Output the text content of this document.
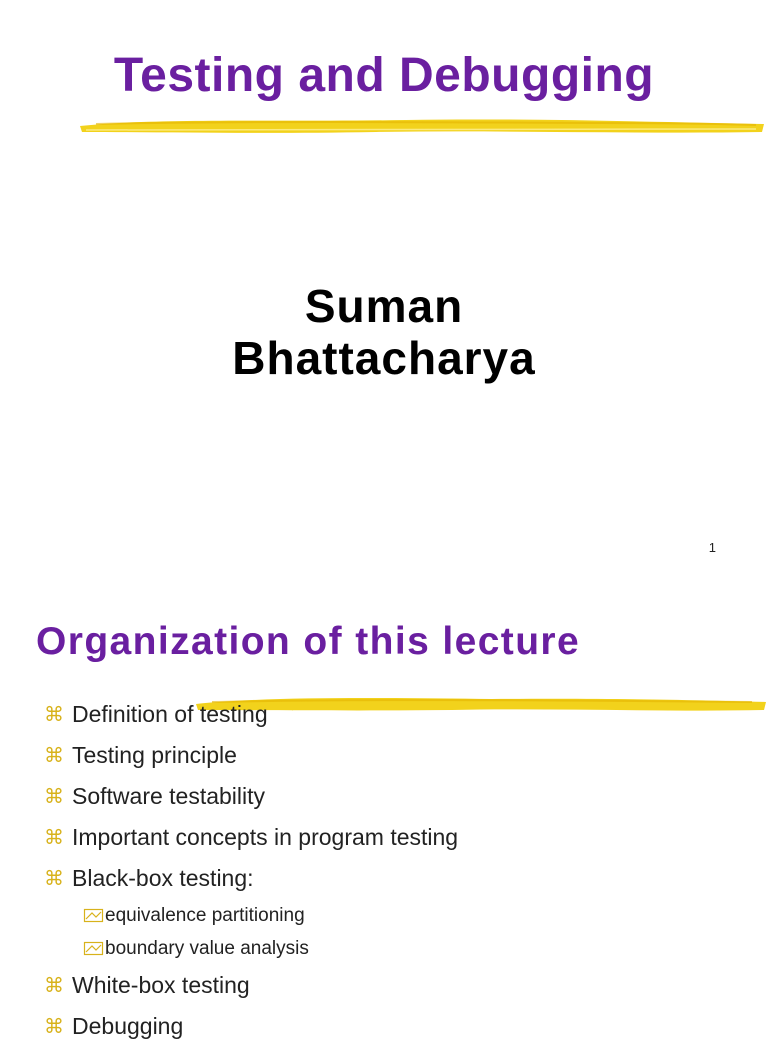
Testing and Debugging
Suman
Bhattacharya
1
Organization of this lecture
⌘ Definition of testing
⌘ Testing principle
⌘ Software testability
⌘ Important concepts in program testing
⌘ Black-box testing:
equivalence partitioning
boundary value analysis
⌘ White-box testing
⌘ Debugging
